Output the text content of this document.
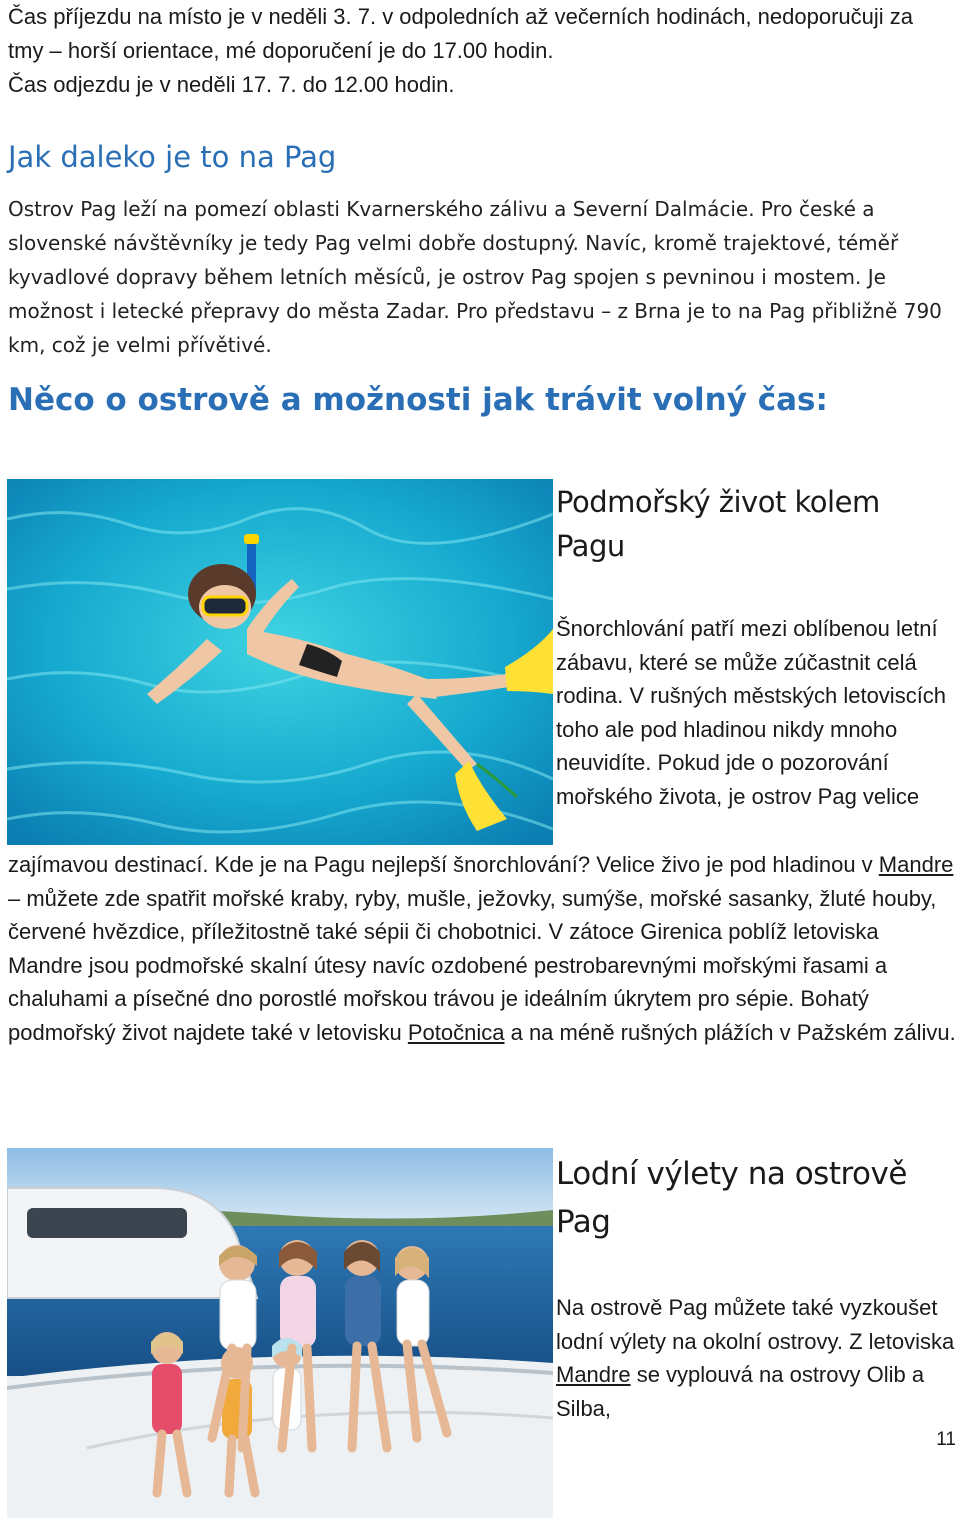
Čas příjezdu na místo je v neděli 3. 7. v odpoledních až večerních hodinách, nedoporučuji za tmy – horší orientace, mé doporučení je do 17.00 hodin.
Čas odjezdu je v neděli 17. 7. do 12.00 hodin.

Jak daleko je to na Pag

Ostrov Pag leží na pomezí oblasti Kvarnerského zálivu a Severní Dalmácie. Pro české a slovenské návštěvníky je tedy Pag velmi dobře dostupný. Navíc, kromě trajektové, téměř kyvadlové dopravy během letních měsíců, je ostrov Pag spojen s pevninou i mostem. Je možnost i letecké přepravy do města Zadar. Pro představu – z Brna je to na Pag přibližně 790 km, což je velmi přívětivé.

Něco o ostrově a možnosti jak trávit volný čas:
Podmořský život kolem Pagu

Šnorchlování patří mezi oblíbenou letní zábavu, které se může zúčastnit celá rodina. V rušných městských letoviscích toho ale pod hladinou nikdy mnoho neuvidíte. Pokud jde o pozorování mořského života, je ostrov Pag velice

zajímavou destinací. Kde je na Pagu nejlepší šnorchlování? Velice živo je pod hladinou v Mandre – můžete zde spatřit mořské kraby, ryby, mušle, ježovky, sumýše, mořské sasanky, žluté houby, červené hvězdice, příležitostně také sépii či chobotnici. V zátoce Girenica poblíž letoviska Mandre jsou podmořské skalní útesy navíc ozdobené pestrobarevnými mořskými řasami a chaluhami a písečné dno porostlé mořskou trávou je ideálním úkrytem pro sépie. Bohatý podmořský život najdete také v letovisku Potočnica a na méně rušných plážích v Pažském zálivu.

Lodní výlety na ostrově Pag

Na ostrově Pag můžete také vyzkoušet lodní výlety na okolní ostrovy. Z letoviska Mandre se vyplouvá na ostrovy Olib a Silba,

11
